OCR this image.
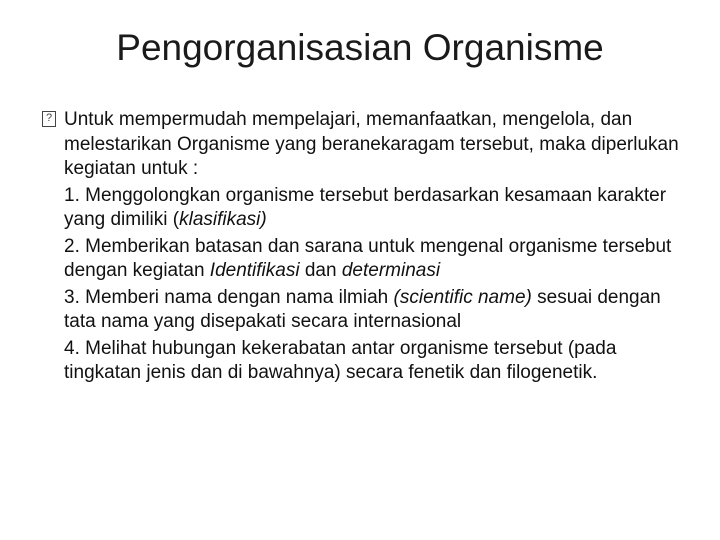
Pengorganisasian Organisme

? Untuk mempermudah mempelajari, memanfaatkan, mengelola, dan melestarikan Organisme yang beranekaragam tersebut, maka diperlukan kegiatan untuk :

1. Menggolongkan organisme tersebut berdasarkan kesamaan karakter yang dimiliki (klasifikasi)

2. Memberikan batasan dan sarana untuk mengenal organisme tersebut dengan kegiatan Identifikasi dan determinasi

3. Memberi nama dengan nama ilmiah (scientific name) sesuai dengan tata nama yang disepakati secara internasional

4. Melihat hubungan kekerabatan antar organisme tersebut (pada tingkatan jenis dan di bawahnya) secara fenetik dan filogenetik.
